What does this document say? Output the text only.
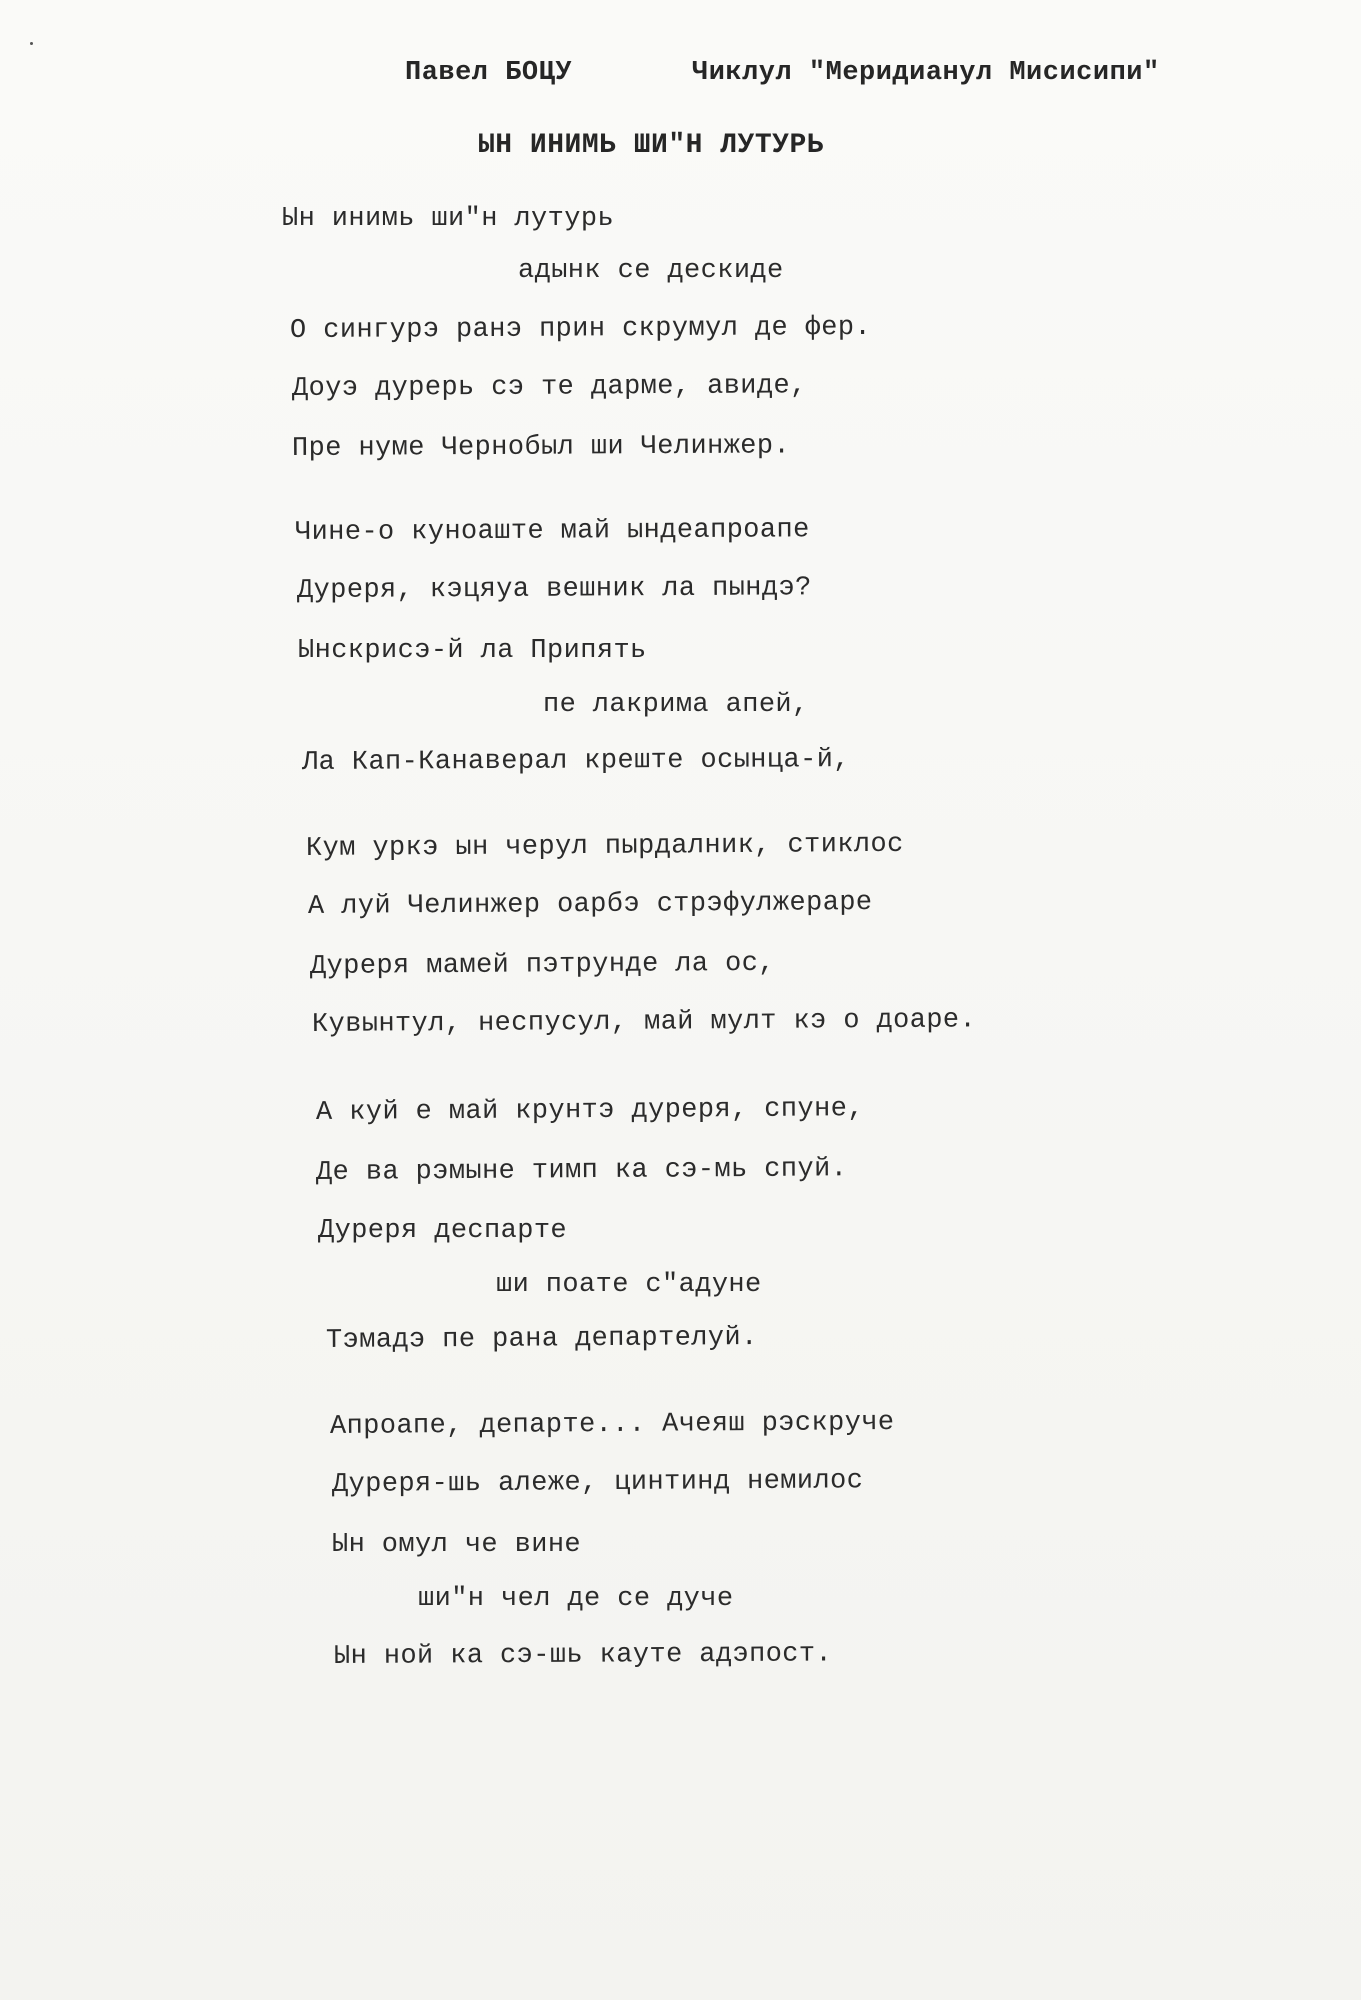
Павел БОЦУ	Чиклул "Меридианул Мисисипи"
ЫН ИНИМЬ ШИ"Н ЛУТУРЬ
Ын инимь ши"н лутурь
адынк се дескиде
О сингурэ ранэ прин скрумул де фер.
Доуэ дурерь сэ те дарме, авиде,
Пре нуме Чернобыл ши Челинжер.
Чине-о куноаште май ындеапроапе
Дуреря, кэцяуа вешник ла пындэ?
Ынскрисэ-й ла Припять
пе лакрима апей,
Ла Кап-Канаверал креште осынца-й,
Кум уркэ ын черул пырдалник, стиклос
А луй Челинжер оарбэ стрэфулжераре
Дуреря мамей пэтрунде ла ос,
Кувынтул, неспусул, май мулт кэ о доаре.
А куй е май крунтэ дуреря, спуне,
Де ва рэмыне тимп ка сэ-мь спуй.
Дуреря деспарте
ши поате с"адуне
Тэмадэ пе рана департелуй.
Апроапе, департе... Ачеяш рэскруче
Дуреря-шь алеже, цинтинд немилос
Ын омул че вине
ши"н чел де се дуче
Ын ной ка сэ-шь кауте адэпост.
